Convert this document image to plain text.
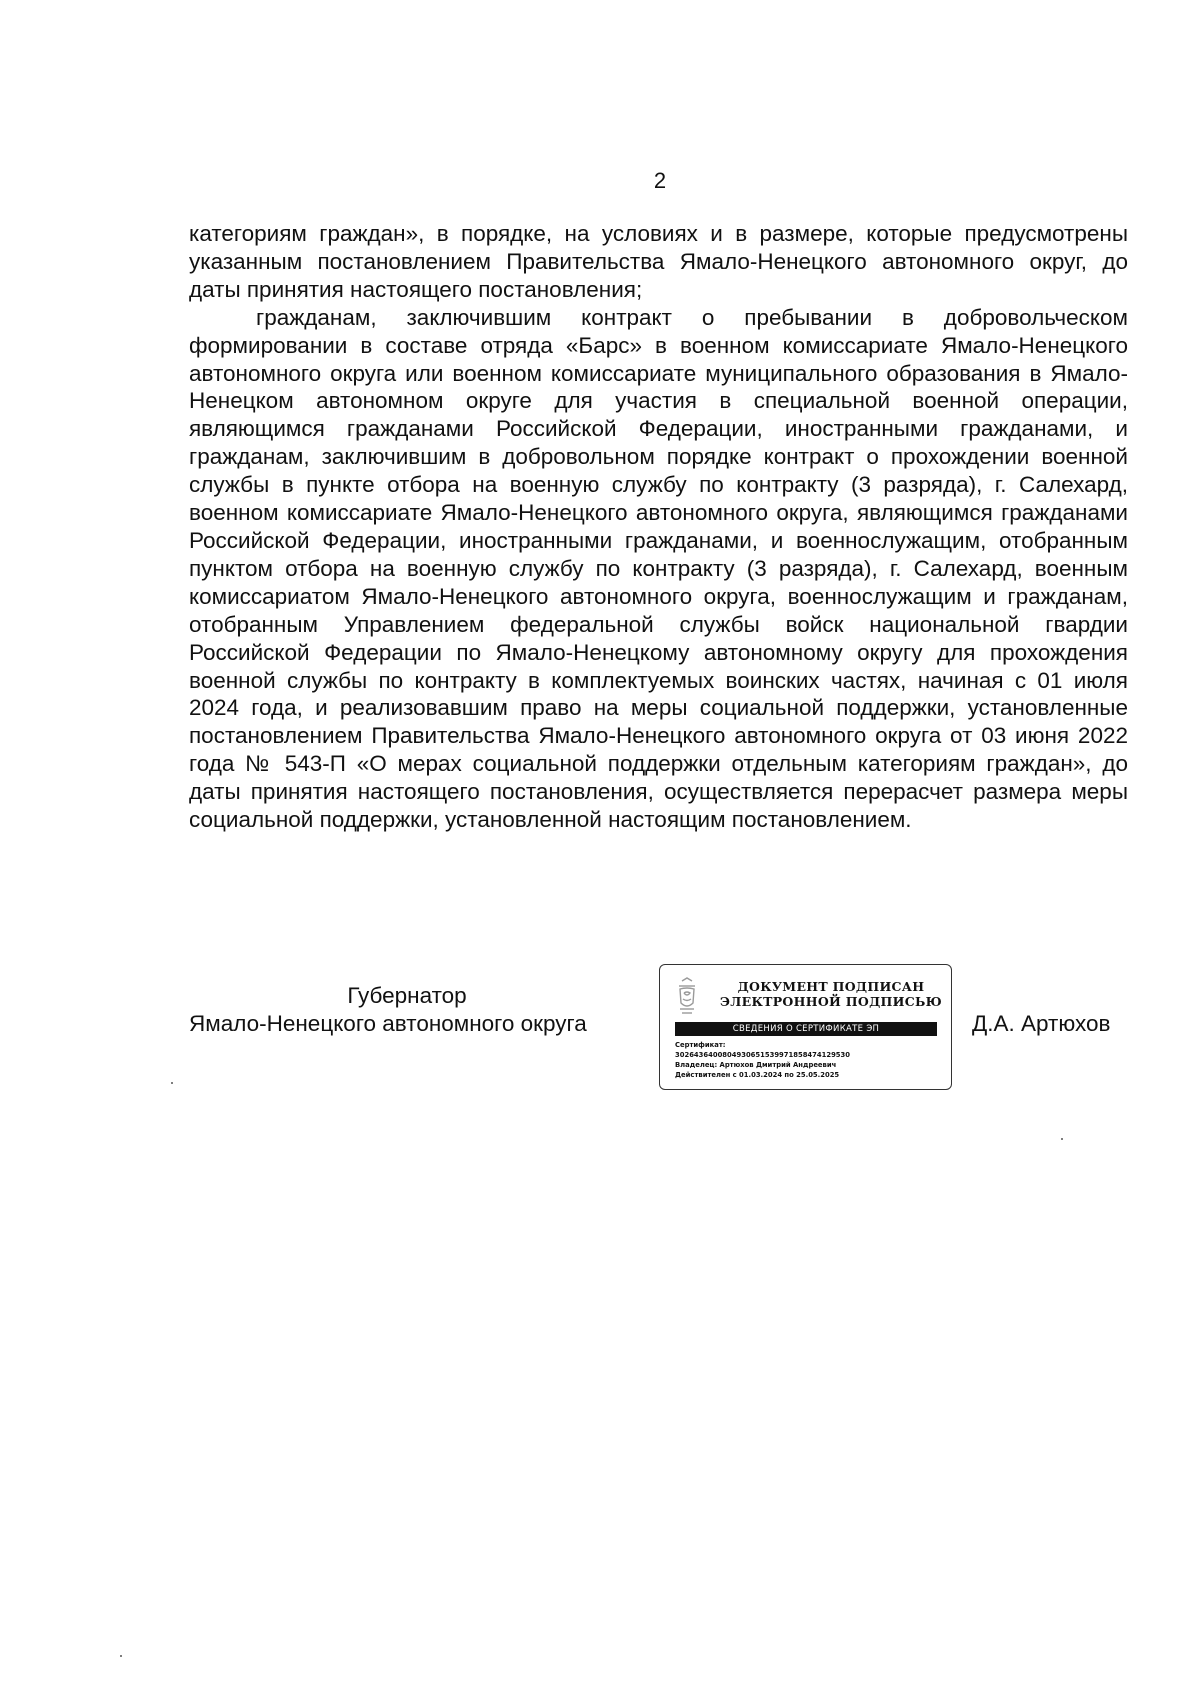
2

категориям граждан», в порядке, на условиях и в размере, которые предусмотрены указанным постановлением Правительства Ямало-Ненецкого автономного округ, до даты принятия настоящего постановления;

гражданам, заключившим контракт о пребывании в добровольческом формировании в составе отряда «Барс» в военном комиссариате Ямало-Ненецкого автономного округа или военном комиссариате муниципального образования в Ямало-Ненецком автономном округе для участия в специальной военной операции, являющимся гражданами Российской Федерации, иностранными гражданами, и гражданам, заключившим в добровольном порядке контракт о прохождении военной службы в пункте отбора на военную службу по контракту (3 разряда), г. Салехард, военном комиссариате Ямало-Ненецкого автономного округа, являющимся гражданами Российской Федерации, иностранными гражданами, и военнослужащим, отобранным пунктом отбора на военную службу по контракту (3 разряда), г. Салехард, военным комиссариатом Ямало-Ненецкого автономного округа, военнослужащим и гражданам, отобранным Управлением федеральной службы войск национальной гвардии Российской Федерации по Ямало-Ненецкому автономному округу для прохождения военной службы по контракту в комплектуемых воинских частях, начиная с 01 июля 2024 года, и реализовавшим право на меры социальной поддержки, установленные постановлением Правительства Ямало-Ненецкого автономного округа от 03 июня 2022 года № 543-П «О мерах социальной поддержки отдельным категориям граждан», до даты принятия настоящего постановления, осуществляется перерасчет размера меры социальной поддержки, установленной настоящим постановлением.

Губернатор
Ямало-Ненецкого автономного округа
ДОКУМЕНТ ПОДПИСАН
ЭЛЕКТРОННОЙ ПОДПИСЬЮ
СВЕДЕНИЯ О СЕРТИФИКАТЕ ЭП
Сертификат:
3026436400804930651539971858474129530
Владелец: Артюхов Дмитрий Андреевич
Действителен с 01.03.2024 по 25.05.2025
Д.А. Артюхов
